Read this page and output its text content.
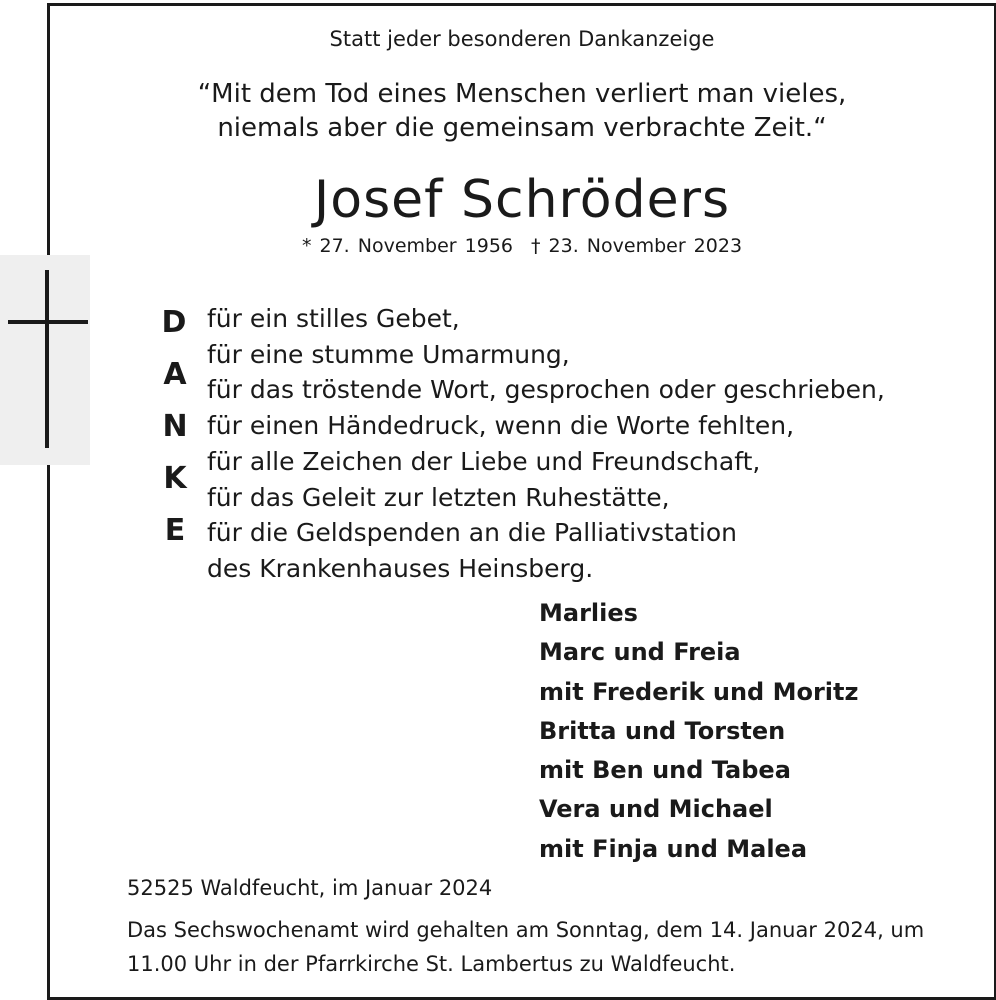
Statt jeder besonderen Dankanzeige
“Mit dem Tod eines Menschen verliert man vieles,
niemals aber die gemeinsam verbrachte Zeit.“
Josef Schröders
* 27. November 1956 † 23. November 2023
D
A
N
K
E
für ein stilles Gebet,
für eine stumme Umarmung,
für das tröstende Wort, gesprochen oder geschrieben,
für einen Händedruck, wenn die Worte fehlten,
für alle Zeichen der Liebe und Freundschaft,
für das Geleit zur letzten Ruhestätte,
für die Geldspenden an die Palliativstation
des Krankenhauses Heinsberg.
Marlies
Marc und Freia
mit Frederik und Moritz
Britta und Torsten
mit Ben und Tabea
Vera und Michael
mit Finja und Malea
52525 Waldfeucht, im Januar 2024
Das Sechswochenamt wird gehalten am Sonntag, dem 14. Januar 2024, um
11.00 Uhr in der Pfarrkirche St. Lambertus zu Waldfeucht.
